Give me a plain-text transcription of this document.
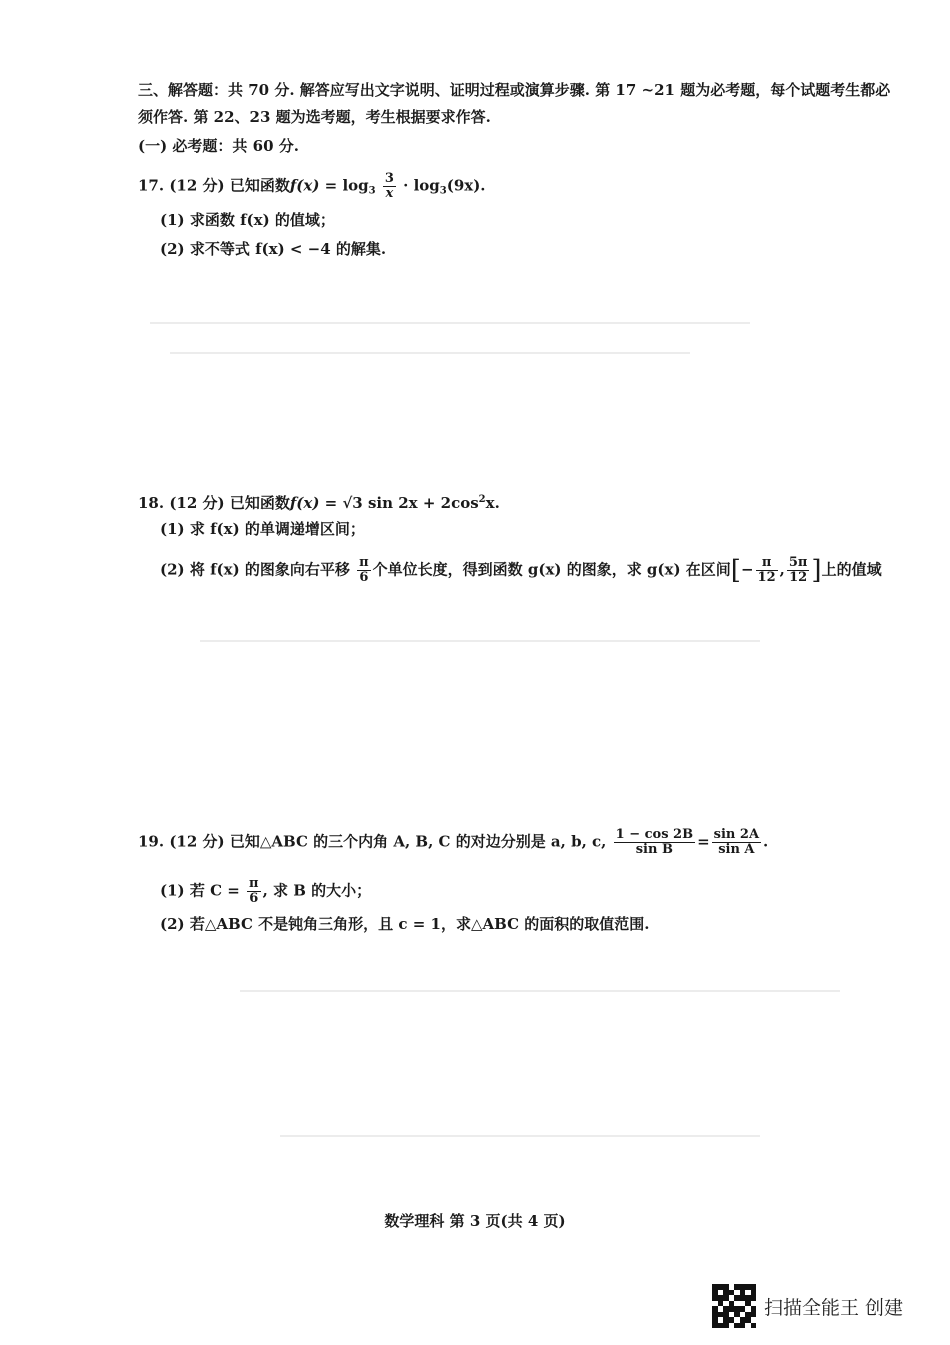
三、解答题：共 70 分. 解答应写出文字说明、证明过程或演算步骤. 第 17 ~21 题为必考题，每个试题考生都必
须作答. 第 22、23 题为选考题，考生根据要求作答.
(一) 必考题：共 60 分.
17. (12 分) 已知函数$f(x) = \log_3 \frac{3}{x} \cdot \log_3(9x)$.
(1) 求函数 f(x) 的值域；
(2) 求不等式 f(x) < −4 的解集.
18. (12 分) 已知函数f(x) = √3 $\sin 2x + 2\cos^2x$.
(1) 求 f(x) 的单调递增区间；
(2) 将 f(x) 的图象向右平移 $\frac{\pi}{6}$ 个单位长度，得到函数 g(x) 的图象，求 g(x) 在区间[− $\frac{\pi}{12}$ , $\frac{5\pi}{12}$ ]上的值域
19. (12 分) 已知△ABC 的三个内角 A, B, C 的对边分别是 a, b, c, $\frac{1 - \cos 2B}{\text{sin B}} = \frac{\sin 2A}{\text{sin A}}$ .
(1) 若 $C = \frac{\pi}{6}$ , 求 B 的大小；
(2) 若△ABC 不是钝角三角形，且 c = 1，求△ABC 的面积的取值范围.
数学理科 第 3 页(共 4 页)
扫描全能王 创建
